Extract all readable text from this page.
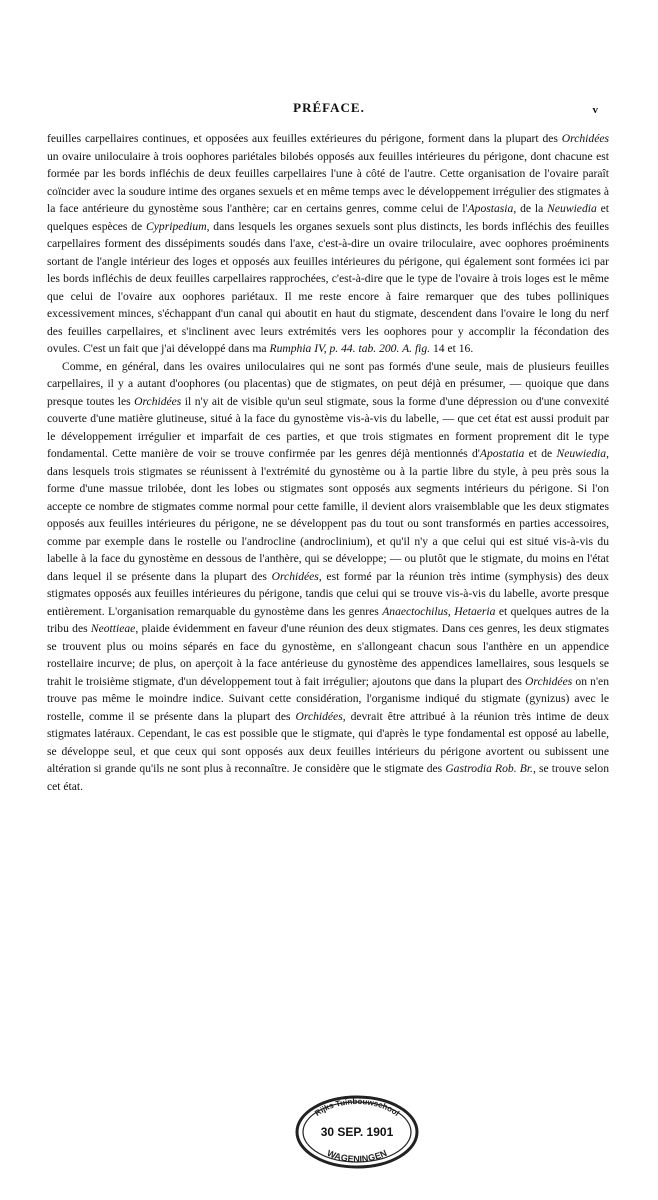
PRÉFACE.	v

feuilles carpellaires continues, et opposées aux feuilles extérieures du périgone, forment dans la plupart des Orchidées un ovaire uniloculaire à trois oophores pariétales bilobés opposés aux feuilles intérieures du périgone, dont chacune est formée par les bords infléchis de deux feuilles carpellaires l'une à côté de l'autre. Cette organisation de l'ovaire paraît coïncider avec la soudure intime des organes sexuels et en même temps avec le développement irrégulier des stigmates à la face antérieure du gynostème sous l'anthère; car en certains genres, comme celui de l'Apostasia, de la Neuwiedia et quelques espèces de Cypripedium, dans lesquels les organes sexuels sont plus distincts, les bords infléchis des feuilles carpellaires forment des dissépiments soudés dans l'axe, c'est-à-dire un ovaire triloculaire, avec oophores proéminents sortant de l'angle intérieur des loges et opposés aux feuilles intérieures du périgone, qui également sont formées ici par les bords infléchis de deux feuilles carpellaires rapprochées, c'est-à-dire que le type de l'ovaire à trois loges est le même que celui de l'ovaire aux oophores pariétaux. Il me reste encore à faire remarquer que des tubes polliniques excessivement minces, s'échappant d'un canal qui aboutit en haut du stigmate, descendent dans l'ovaire le long du nerf des feuilles carpellaires, et s'inclinent avec leurs extrémités vers les oophores pour y accomplir la fécondation des ovules. C'est un fait que j'ai développé dans ma Rumphia IV, p. 44. tab. 200. A. fig. 14 et 16.

Comme, en général, dans les ovaires uniloculaires qui ne sont pas formés d'une seule, mais de plusieurs feuilles carpellaires, il y a autant d'oophores (ou placentas) que de stigmates, on peut déjà en présumer, — quoique que dans presque toutes les Orchidées il n'y ait de visible qu'un seul stigmate, sous la forme d'une dépression ou d'une convexité couverte d'une matière glutineuse, situé à la face du gynostème vis-à-vis du labelle, — que cet état est aussi produit par le développement irrégulier et imparfait de ces parties, et que trois stigmates en forment proprement dit le type fondamental. Cette manière de voir se trouve confirmée par les genres déjà mentionnés d'Apostatia et de Neuwiedia, dans lesquels trois stigmates se réunissent à l'extrémité du gynostème ou à la partie libre du style, à peu près sous la forme d'une massue trilobée, dont les lobes ou stigmates sont opposés aux segments intérieurs du périgone. Si l'on accepte ce nombre de stigmates comme normal pour cette famille, il devient alors vraisemblable que les deux stigmates opposés aux feuilles intérieures du périgone, ne se développent pas du tout ou sont transformés en parties accessoires, comme par exemple dans le rostelle ou l'androcline (androclinium), et qu'il n'y a que celui qui est situé vis-à-vis du labelle à la face du gynostème en dessous de l'anthère, qui se développe; — ou plutôt que le stigmate, du moins en l'état dans lequel il se présente dans la plupart des Orchidées, est formé par la réunion très intime (symphysis) des deux stigmates opposés aux feuilles intérieures du périgone, tandis que celui qui se trouve vis-à-vis du labelle, avorte presque entièrement. L'organisation remarquable du gynostème dans les genres Anaectochilus, Hetaeria et quelques autres de la tribu des Neottieae, plaide évidemment en faveur d'une réunion des deux stigmates. Dans ces genres, les deux stigmates se trouvent plus ou moins séparés en face du gynostème, en s'allongeant chacun sous l'anthère en un appendice rostellaire incurve; de plus, on aperçoit à la face antérieuse du gynostème des appendices lamellaires, sous lesquels se trahit le troisième stigmate, d'un développement tout à fait irrégulier; ajoutons que dans la plupart des Orchidées on n'en trouve pas même le moindre indice. Suivant cette considération, l'organisme indiqué du stigmate (gynizus) avec le rostelle, comme il se présente dans la plupart des Orchidées, devrait être attribué à la réunion très intime de deux stigmates latéraux. Cependant, le cas est possible que le stigmate, qui d'après le type fondamental est opposé au labelle, se développe seul, et que ceux qui sont opposés aux deux feuilles intérieurs du périgone avortent ou subissent une altération si grande qu'ils ne sont plus à reconnaître. Je considère que le stigmate des Gastrodia Rob. Br., se trouve selon cet état.

Rijks Tuinbouwschool
30 SEP. 1901
WAGENINGEN
